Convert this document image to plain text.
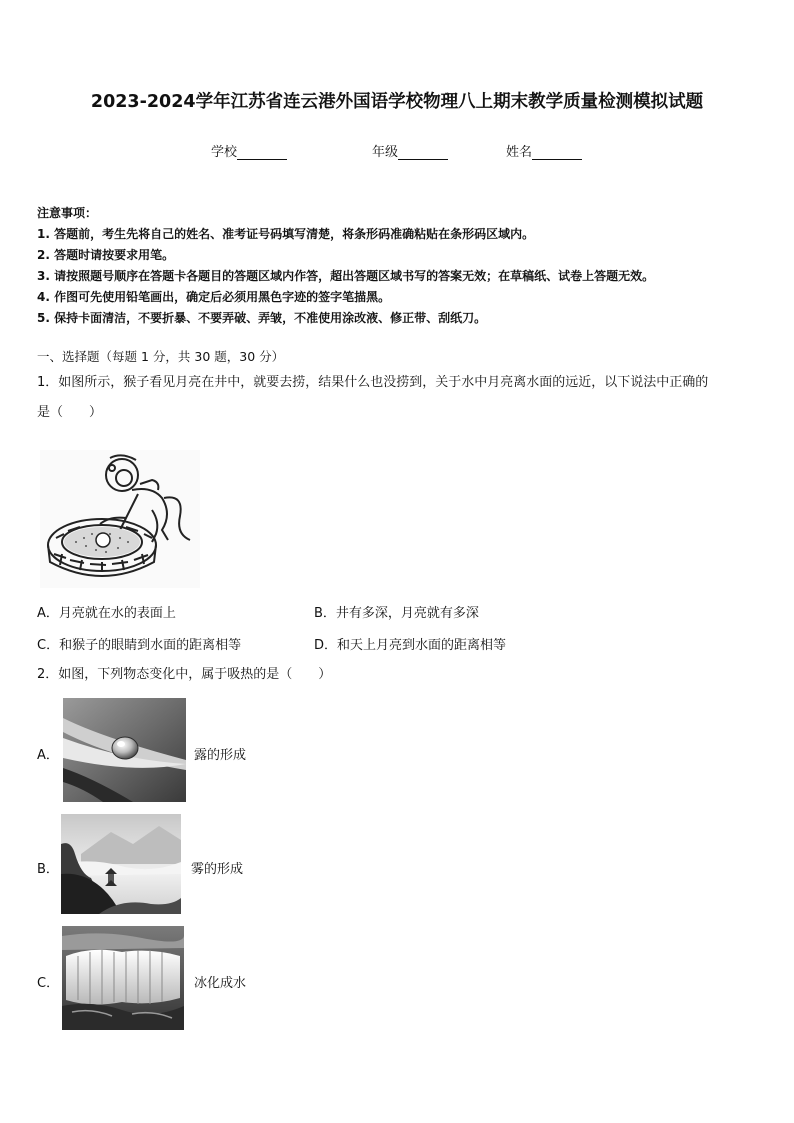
2023-2024学年江苏省连云港外国语学校物理八上期末教学质量检测模拟试题
学校	年级	姓名
注意事项：
1. 答题前，考生先将自己的姓名、准考证号码填写清楚，将条形码准确粘贴在条形码区域内。
2. 答题时请按要求用笔。
3. 请按照题号顺序在答题卡各题目的答题区域内作答，超出答题区域书写的答案无效；在草稿纸、试卷上答题无效。
4. 作图可先使用铅笔画出，确定后必须用黑色字迹的签字笔描黑。
5. 保持卡面清洁，不要折暴、不要弄破、弄皱，不准使用涂改液、修正带、刮纸刀。
一、选择题（每题 1 分，共 30 题，30 分）
1．如图所示，猴子看见月亮在井中，就要去捞，结果什么也没捞到，关于水中月亮离水面的远近，以下说法中正确的
是（　　）
A．月亮就在水的表面上	B．井有多深，月亮就有多深
C．和猴子的眼睛到水面的距离相等	D．和天上月亮到水面的距离相等
2．如图，下列物态变化中，属于吸热的是（　　）
A．	露的形成
B．	雾的形成
C．	冰化成水
